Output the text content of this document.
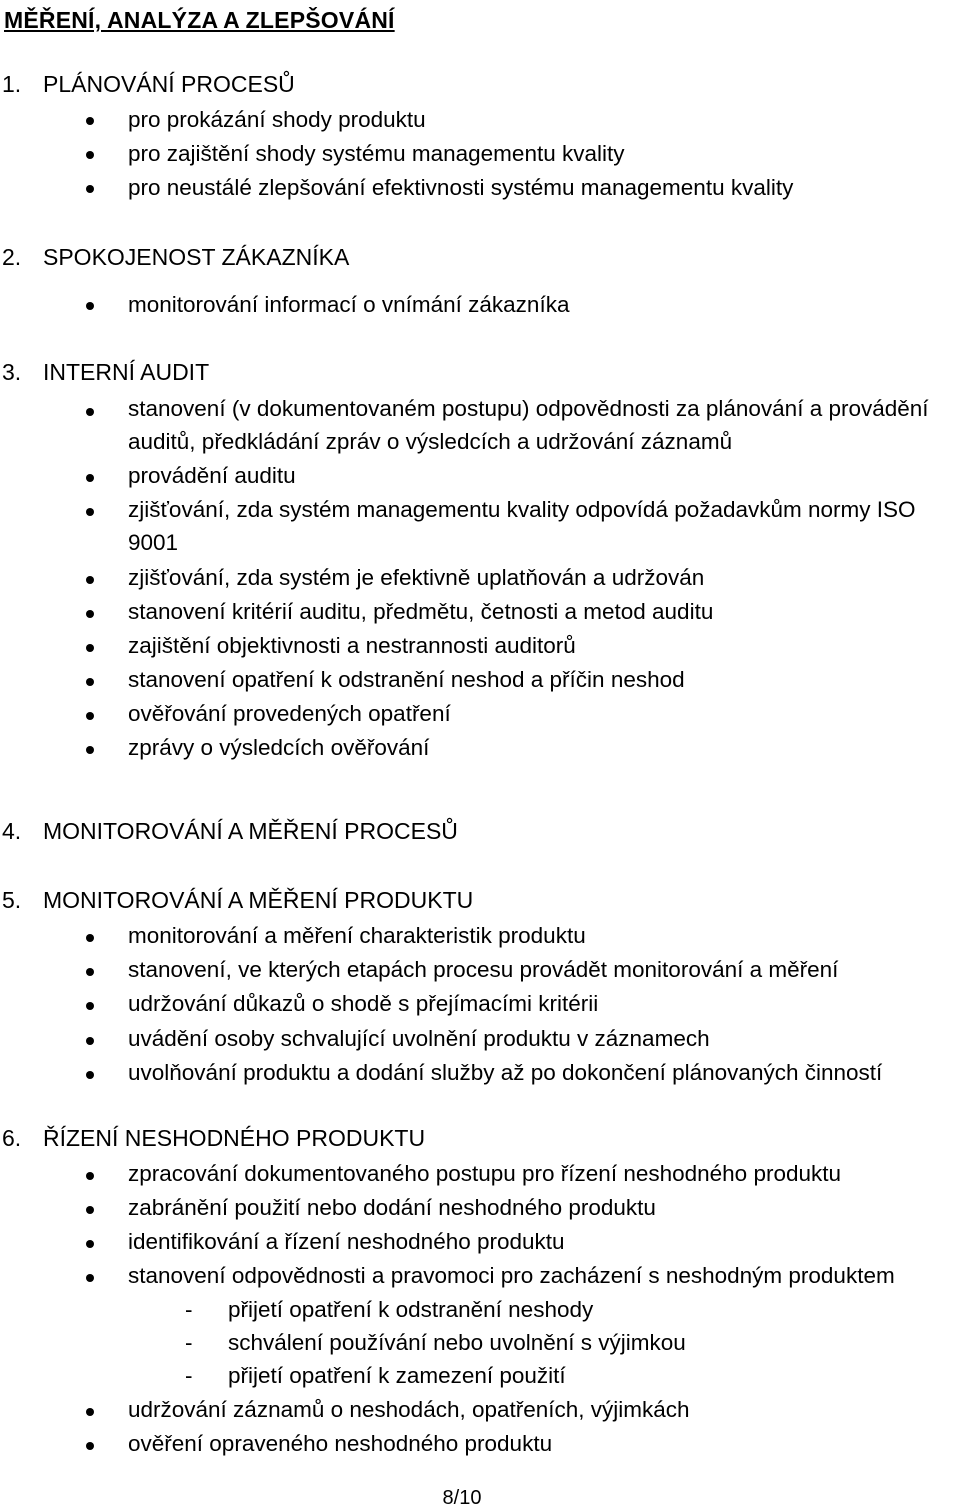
MĚŘENÍ, ANALÝZA A ZLEPŠOVÁNÍ
1. PLÁNOVÁNÍ PROCESŮ
pro prokázání shody produktu
pro zajištění shody systému managementu kvality
pro neustálé zlepšování efektivnosti systému managementu kvality
2. SPOKOJENOST ZÁKAZNÍKA
monitorování informací o vnímání zákazníka
3. INTERNÍ AUDIT
stanovení (v dokumentovaném postupu) odpovědnosti za plánování a provádění auditů, předkládání zpráv o výsledcích a udržování záznamů
provádění auditu
zjišťování, zda systém managementu kvality odpovídá požadavkům normy ISO 9001
zjišťování, zda systém je efektivně uplatňován a udržován
stanovení kritérií auditu, předmětu, četnosti a metod auditu
zajištění objektivnosti a nestrannosti auditorů
stanovení opatření k odstranění neshod a příčin neshod
ověřování provedených opatření
zprávy o výsledcích ověřování
4. MONITOROVÁNÍ A MĚŘENÍ PROCESŮ
5. MONITOROVÁNÍ A MĚŘENÍ PRODUKTU
monitorování a měření charakteristik produktu
stanovení, ve kterých etapách procesu provádět monitorování a měření
udržování důkazů o shodě s přejímacími kritérii
uvádění osoby schvalující uvolnění produktu v záznamech
uvolňování produktu a dodání služby až po dokončení plánovaných činností
6. ŘÍZENÍ NESHODNÉHO PRODUKTU
zpracování dokumentovaného postupu pro řízení neshodného produktu
zabránění použití nebo dodání neshodného produktu
identifikování a řízení neshodného produktu
stanovení odpovědnosti a pravomoci pro zacházení s neshodným produktem
- přijetí opatření k odstranění neshody
- schválení používání nebo uvolnění s výjimkou
- přijetí opatření k zamezení použití
udržování záznamů o neshodách, opatřeních, výjimkách
ověření opraveného neshodného produktu
8/10
